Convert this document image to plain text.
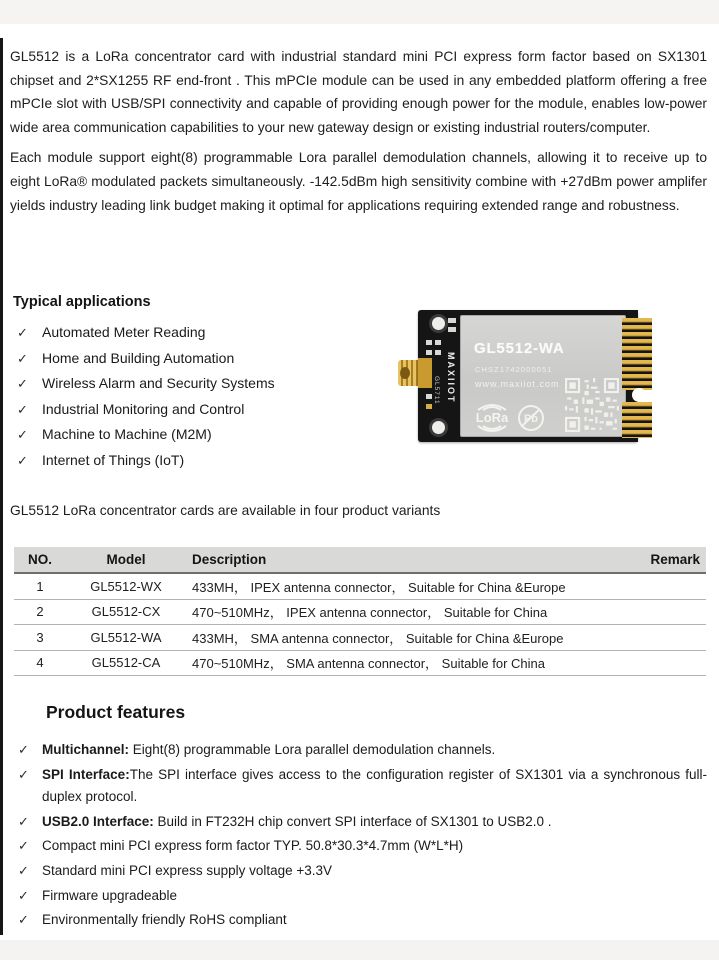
GL5512 is a LoRa concentrator card with industrial standard mini PCI express form factor based on SX1301 chipset and 2*SX1255 RF end-front . This mPCIe module can be used in any embedded platform offering a free mPCIe slot with USB/SPI connectivity and capable of providing enough power for the module, enables low-power wide area communication capabilities to your new gateway design or existing industrial routers/computer.

Each module support eight(8) programmable Lora parallel demodulation channels, allowing it to receive up to eight LoRa® modulated packets simultaneously. -142.5dBm high sensitivity combine with +27dBm power amplifer yields industry leading link budget making it optimal for applications requiring extended range and robustness.

Typical applications
✓ Automated Meter Reading
✓ Home and Building Automation
✓ Wireless Alarm and Security Systems
✓ Industrial Monitoring and Control
✓ Machine to Machine (M2M)
✓ Internet of Things (IoT)
MAXIIOT
GL5711
GL5512-WA
CHSZ1742000051
www.maxiiot.com
LoRa Pb
GL5512 LoRa concentrator cards are available in four product variants
NO.	Model	Description	Remark
1	GL5512-WX	433MH， IPEX antenna connector， Suitable for China &Europe
2	GL5512-CX	470~510MHz， IPEX antenna connector， Suitable for China
3	GL5512-WA	433MH， SMA antenna connector， Suitable for China &Europe
4	GL5512-CA	470~510MHz， SMA antenna connector， Suitable for China
Product features
✓ Multichannel: Eight(8) programmable Lora parallel demodulation channels.
✓ SPI Interface:The SPI interface gives access to the configuration register of SX1301 via a synchronous full-duplex protocol.
✓ USB2.0 Interface: Build in FT232H chip convert SPI interface of SX1301 to USB2.0 .
✓ Compact mini PCI express form factor TYP. 50.8*30.3*4.7mm (W*L*H)
✓ Standard mini PCI express supply voltage +3.3V
✓ Firmware upgradeable
✓ Environmentally friendly RoHS compliant
